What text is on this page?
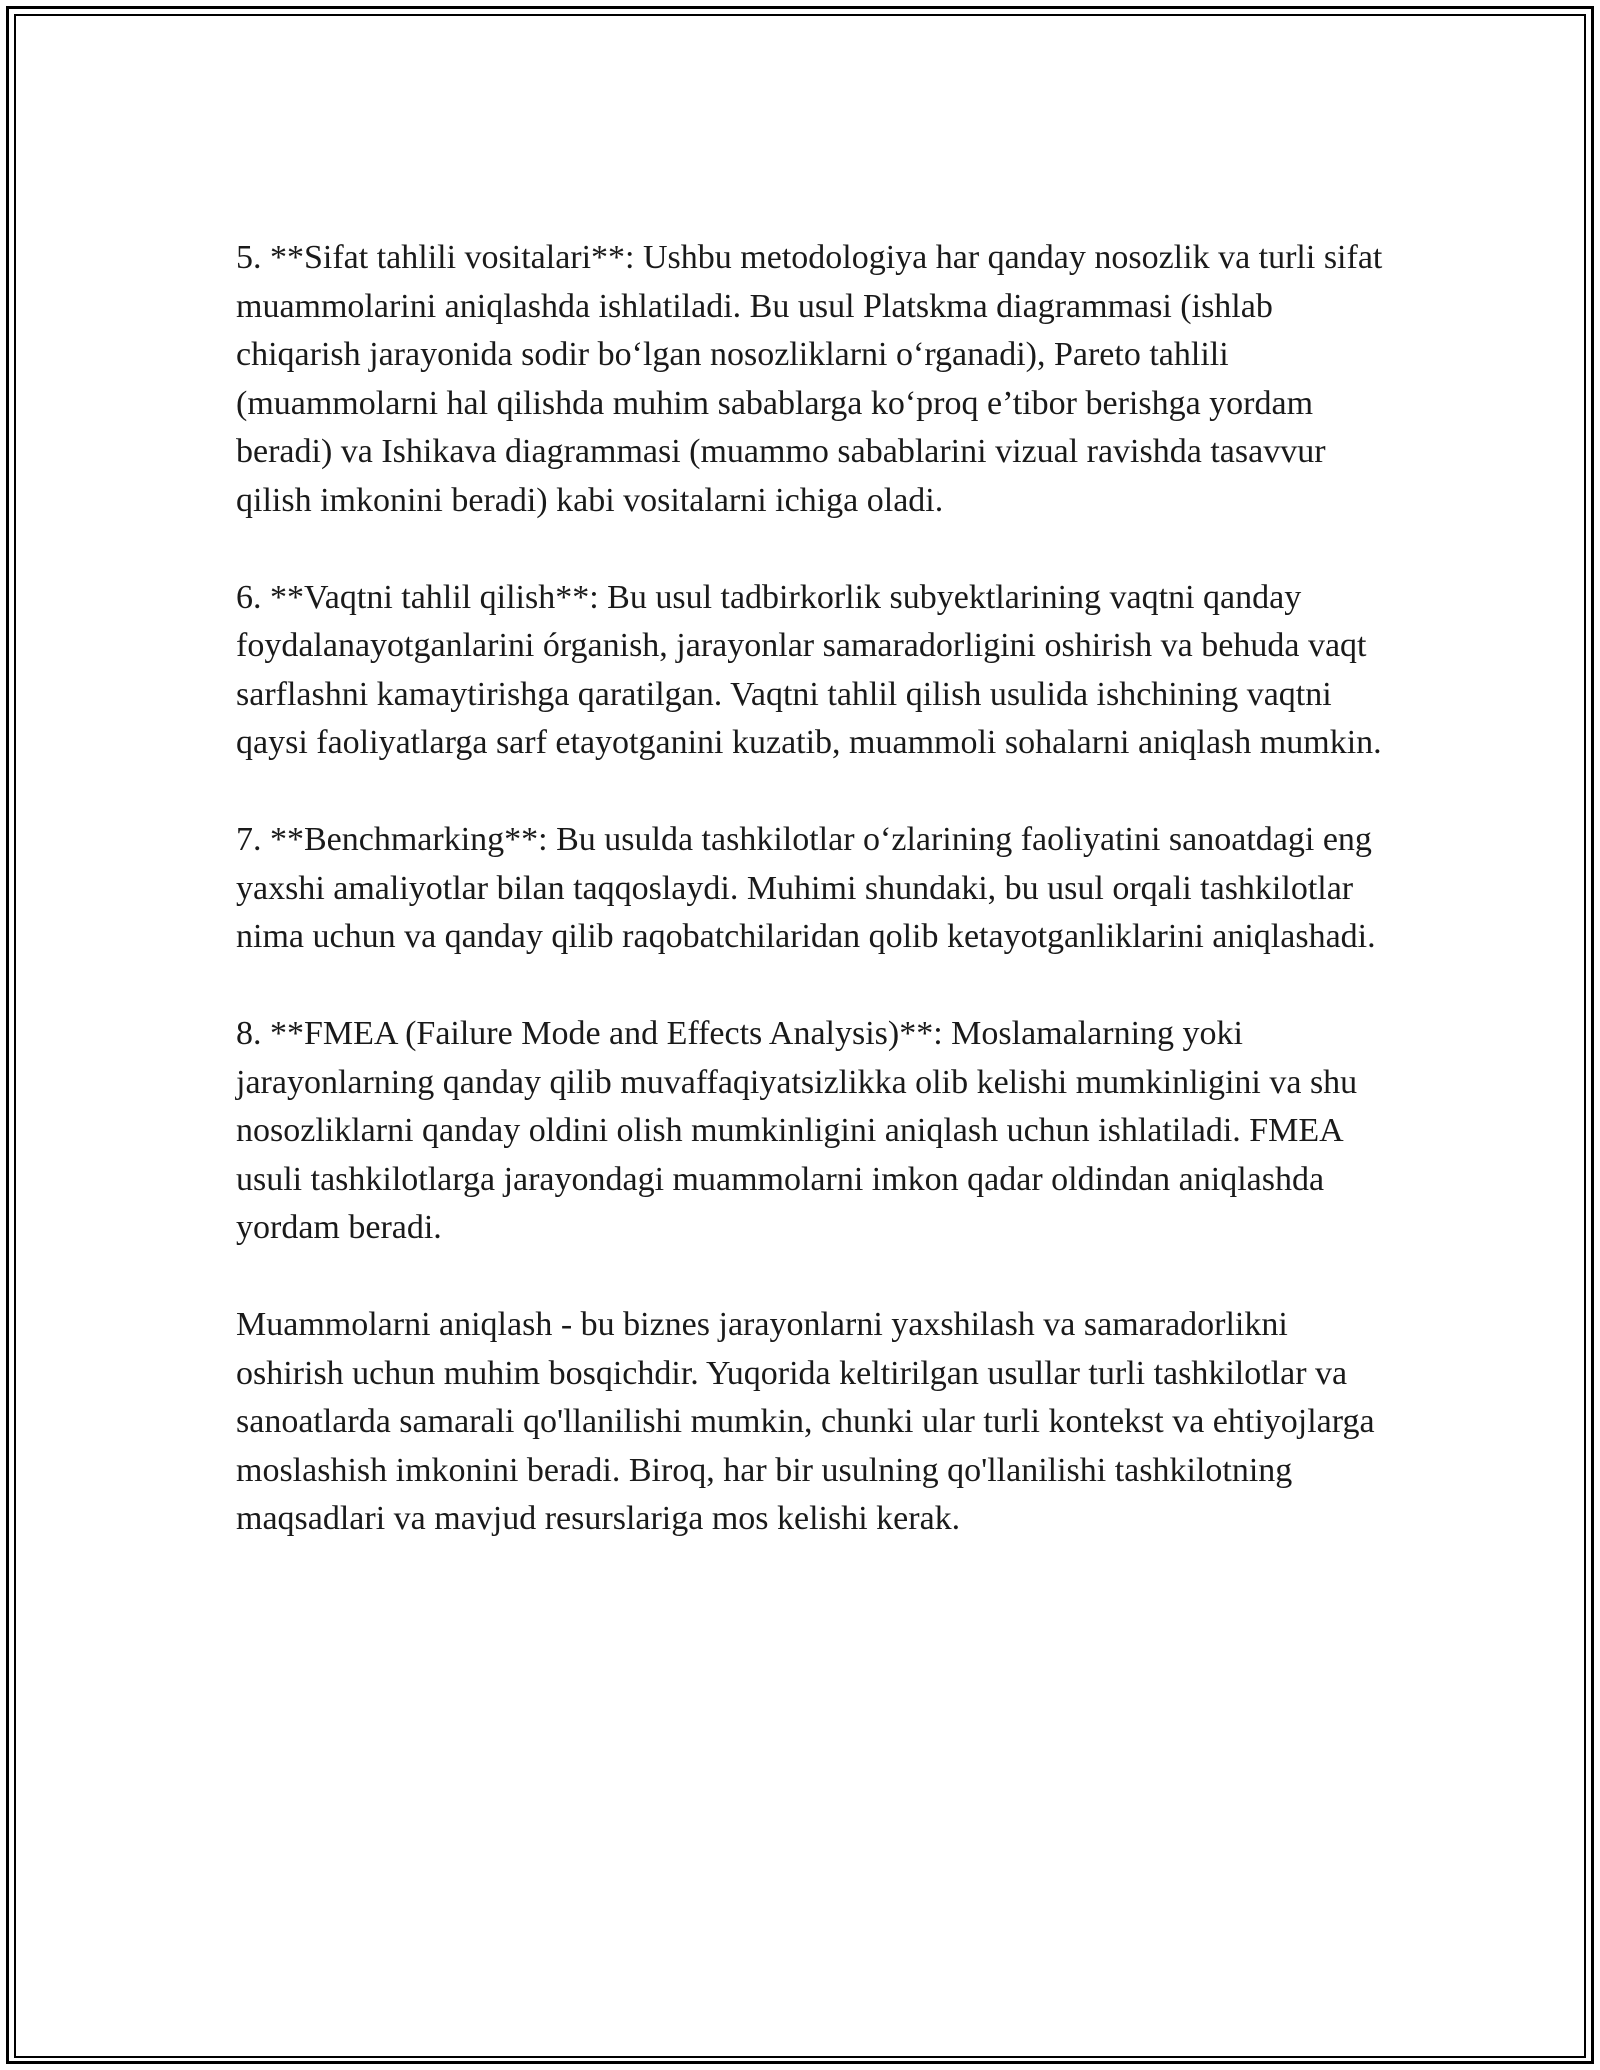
5. **Sifat tahlili vositalari**: Ushbu metodologiya har qanday nosozlik va turli sifat muammolarini aniqlashda ishlatiladi. Bu usul Platskma diagrammasi (ishlab chiqarish jarayonida sodir bo‘lgan nosozliklarni o‘rganadi), Pareto tahlili (muammolarni hal qilishda muhim sabablarga ko‘proq e’tibor berishga yordam beradi) va Ishikava diagrammasi (muammo sabablarini vizual ravishda tasavvur qilish imkonini beradi) kabi vositalarni ichiga oladi.

6. **Vaqtni tahlil qilish**: Bu usul tadbirkorlik subyektlarining vaqtni qanday foydalanayotganlarini órganish, jarayonlar samaradorligini oshirish va behuda vaqt sarflashni kamaytirishga qaratilgan. Vaqtni tahlil qilish usulida ishchining vaqtni qaysi faoliyatlarga sarf etayotganini kuzatib, muammoli sohalarni aniqlash mumkin.

7. **Benchmarking**: Bu usulda tashkilotlar o‘zlarining faoliyatini sanoatdagi eng yaxshi amaliyotlar bilan taqqoslaydi. Muhimi shundaki, bu usul orqali tashkilotlar nima uchun va qanday qilib raqobatchilaridan qolib ketayotganliklarini aniqlashadi.

8. **FMEA (Failure Mode and Effects Analysis)**: Moslamalarning yoki jarayonlarning qanday qilib muvaffaqiyatsizlikka olib kelishi mumkinligini va shu nosozliklarni qanday oldini olish mumkinligini aniqlash uchun ishlatiladi. FMEA usuli tashkilotlarga jarayondagi muammolarni imkon qadar oldindan aniqlashda yordam beradi.

Muammolarni aniqlash - bu biznes jarayonlarni yaxshilash va samaradorlikni oshirish uchun muhim bosqichdir. Yuqorida keltirilgan usullar turli tashkilotlar va sanoatlarda samarali qo'llanilishi mumkin, chunki ular turli kontekst va ehtiyojlarga moslashish imkonini beradi. Biroq, har bir usulning qo'llanilishi tashkilotning maqsadlari va mavjud resurslariga mos kelishi kerak.
